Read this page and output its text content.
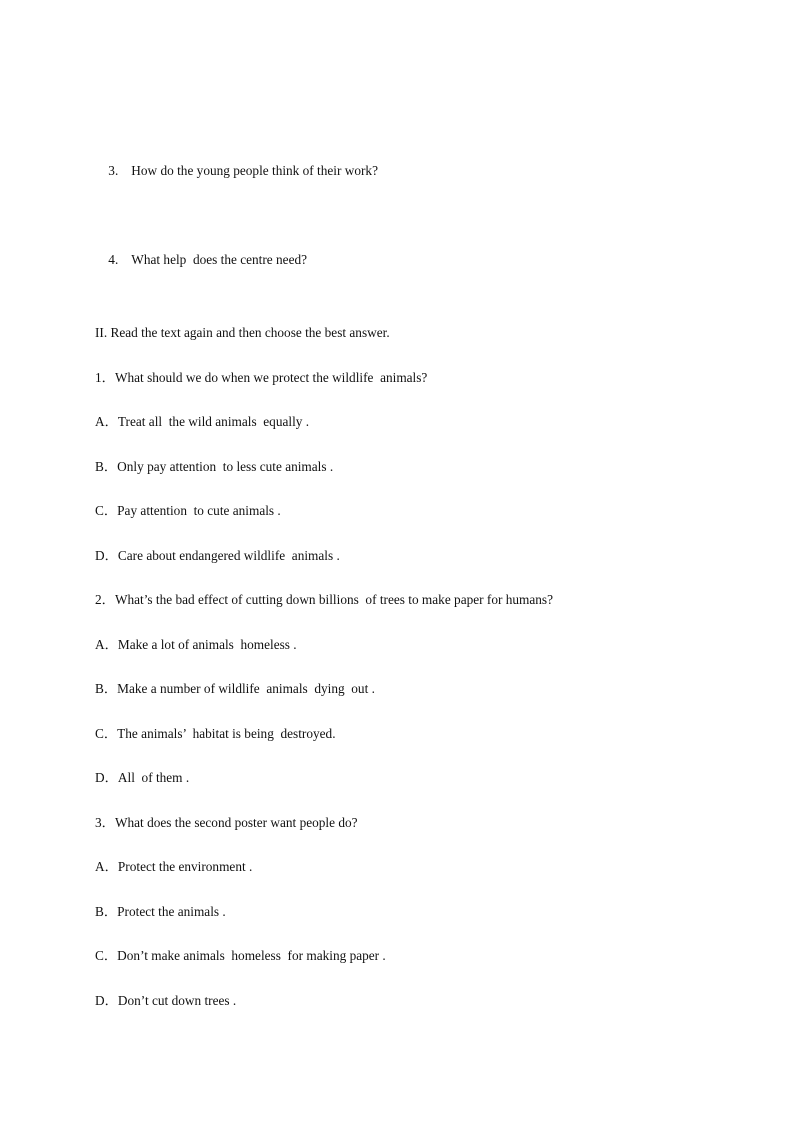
3. How do the young people think of their work?

4. What help  does the centre need?

II. Read the text again and then choose the best answer.
1．What should we do when we protect the wildlife  animals?
A．Treat all  the wild animals  equally .
B．Only pay attention  to less cute animals .
C．Pay attention  to cute animals .
D．Care about endangered wildlife  animals .
2．What’s the bad effect of cutting down billions  of trees to make paper for humans?
A．Make a lot of animals  homeless .
B．Make a number of wildlife  animals  dying  out .
C．The animals’  habitat is being  destroyed.
D．All  of them .
3．What does the second poster want people do?
A．Protect the environment .
B．Protect the animals .
C．Don’t make animals  homeless  for making paper .
D．Don’t cut down trees .
